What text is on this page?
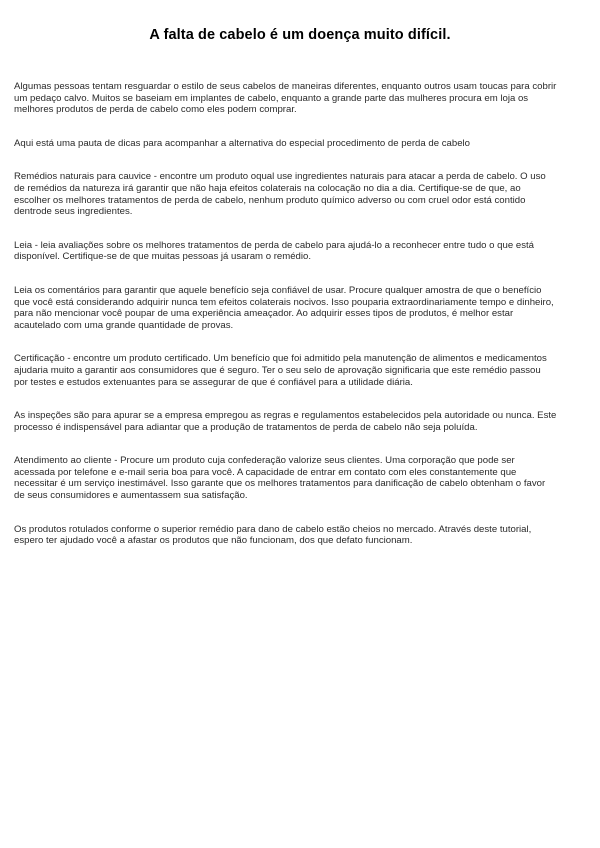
A falta de cabelo é um doença muito difícil.

Algumas pessoas tentam resguardar o estilo de seus cabelos de maneiras diferentes, enquanto outros usam toucas para cobrir
um pedaço calvo. Muitos se baseiam em implantes de cabelo, enquanto a grande parte das mulheres procura em loja os
melhores produtos de perda de cabelo como eles podem comprar.

Aqui está uma pauta de dicas para acompanhar a alternativa do especial procedimento de perda de cabelo

Remédios naturais para cauvice - encontre um produto oqual use ingredientes naturais para atacar a perda de cabelo. O uso
de remédios da natureza irá garantir que não haja efeitos colaterais na colocação no dia a dia. Certifique-se de que, ao
escolher os melhores tratamentos de perda de cabelo, nenhum produto químico adverso ou com cruel odor está contido
dentrode seus ingredientes.

Leia - leia avaliações sobre os melhores tratamentos de perda de cabelo para ajudá-lo a reconhecer entre tudo o que está
disponível. Certifique-se de que muitas pessoas já usaram o remédio.

Leia os comentários para garantir que aquele benefício seja confiável de usar. Procure qualquer amostra de que o benefício
que você está considerando adquirir nunca tem efeitos colaterais nocivos. Isso pouparia extraordinariamente tempo e dinheiro,
para não mencionar você poupar de uma experiência ameaçador. Ao adquirir esses tipos de produtos, é melhor estar
acautelado com uma grande quantidade de provas.

Certificação - encontre um produto certificado. Um benefício que foi admitido pela manutenção de alimentos e medicamentos
ajudaria muito a garantir aos consumidores que é seguro. Ter o seu selo de aprovação significaria que este remédio passou
por testes e estudos extenuantes para se assegurar de que é confiável para a utilidade diária.

As inspeções são para apurar se a empresa empregou as regras e regulamentos estabelecidos pela autoridade ou nunca. Este
processo é indispensável para adiantar que a produção de tratamentos de perda de cabelo não seja poluída.

Atendimento ao cliente - Procure um produto cuja confederação valorize seus clientes. Uma corporação que pode ser
acessada por telefone e e-mail seria boa para você. A capacidade de entrar em contato com eles constantemente que
necessitar é um serviço inestimável. Isso garante que os melhores tratamentos para danificação de cabelo obtenham o favor
de seus consumidores e aumentassem sua satisfação.

Os produtos rotulados conforme o superior remédio para dano de cabelo estão cheios no mercado. Através deste tutorial,
espero ter ajudado você a afastar os produtos que não funcionam, dos que defato funcionam.
